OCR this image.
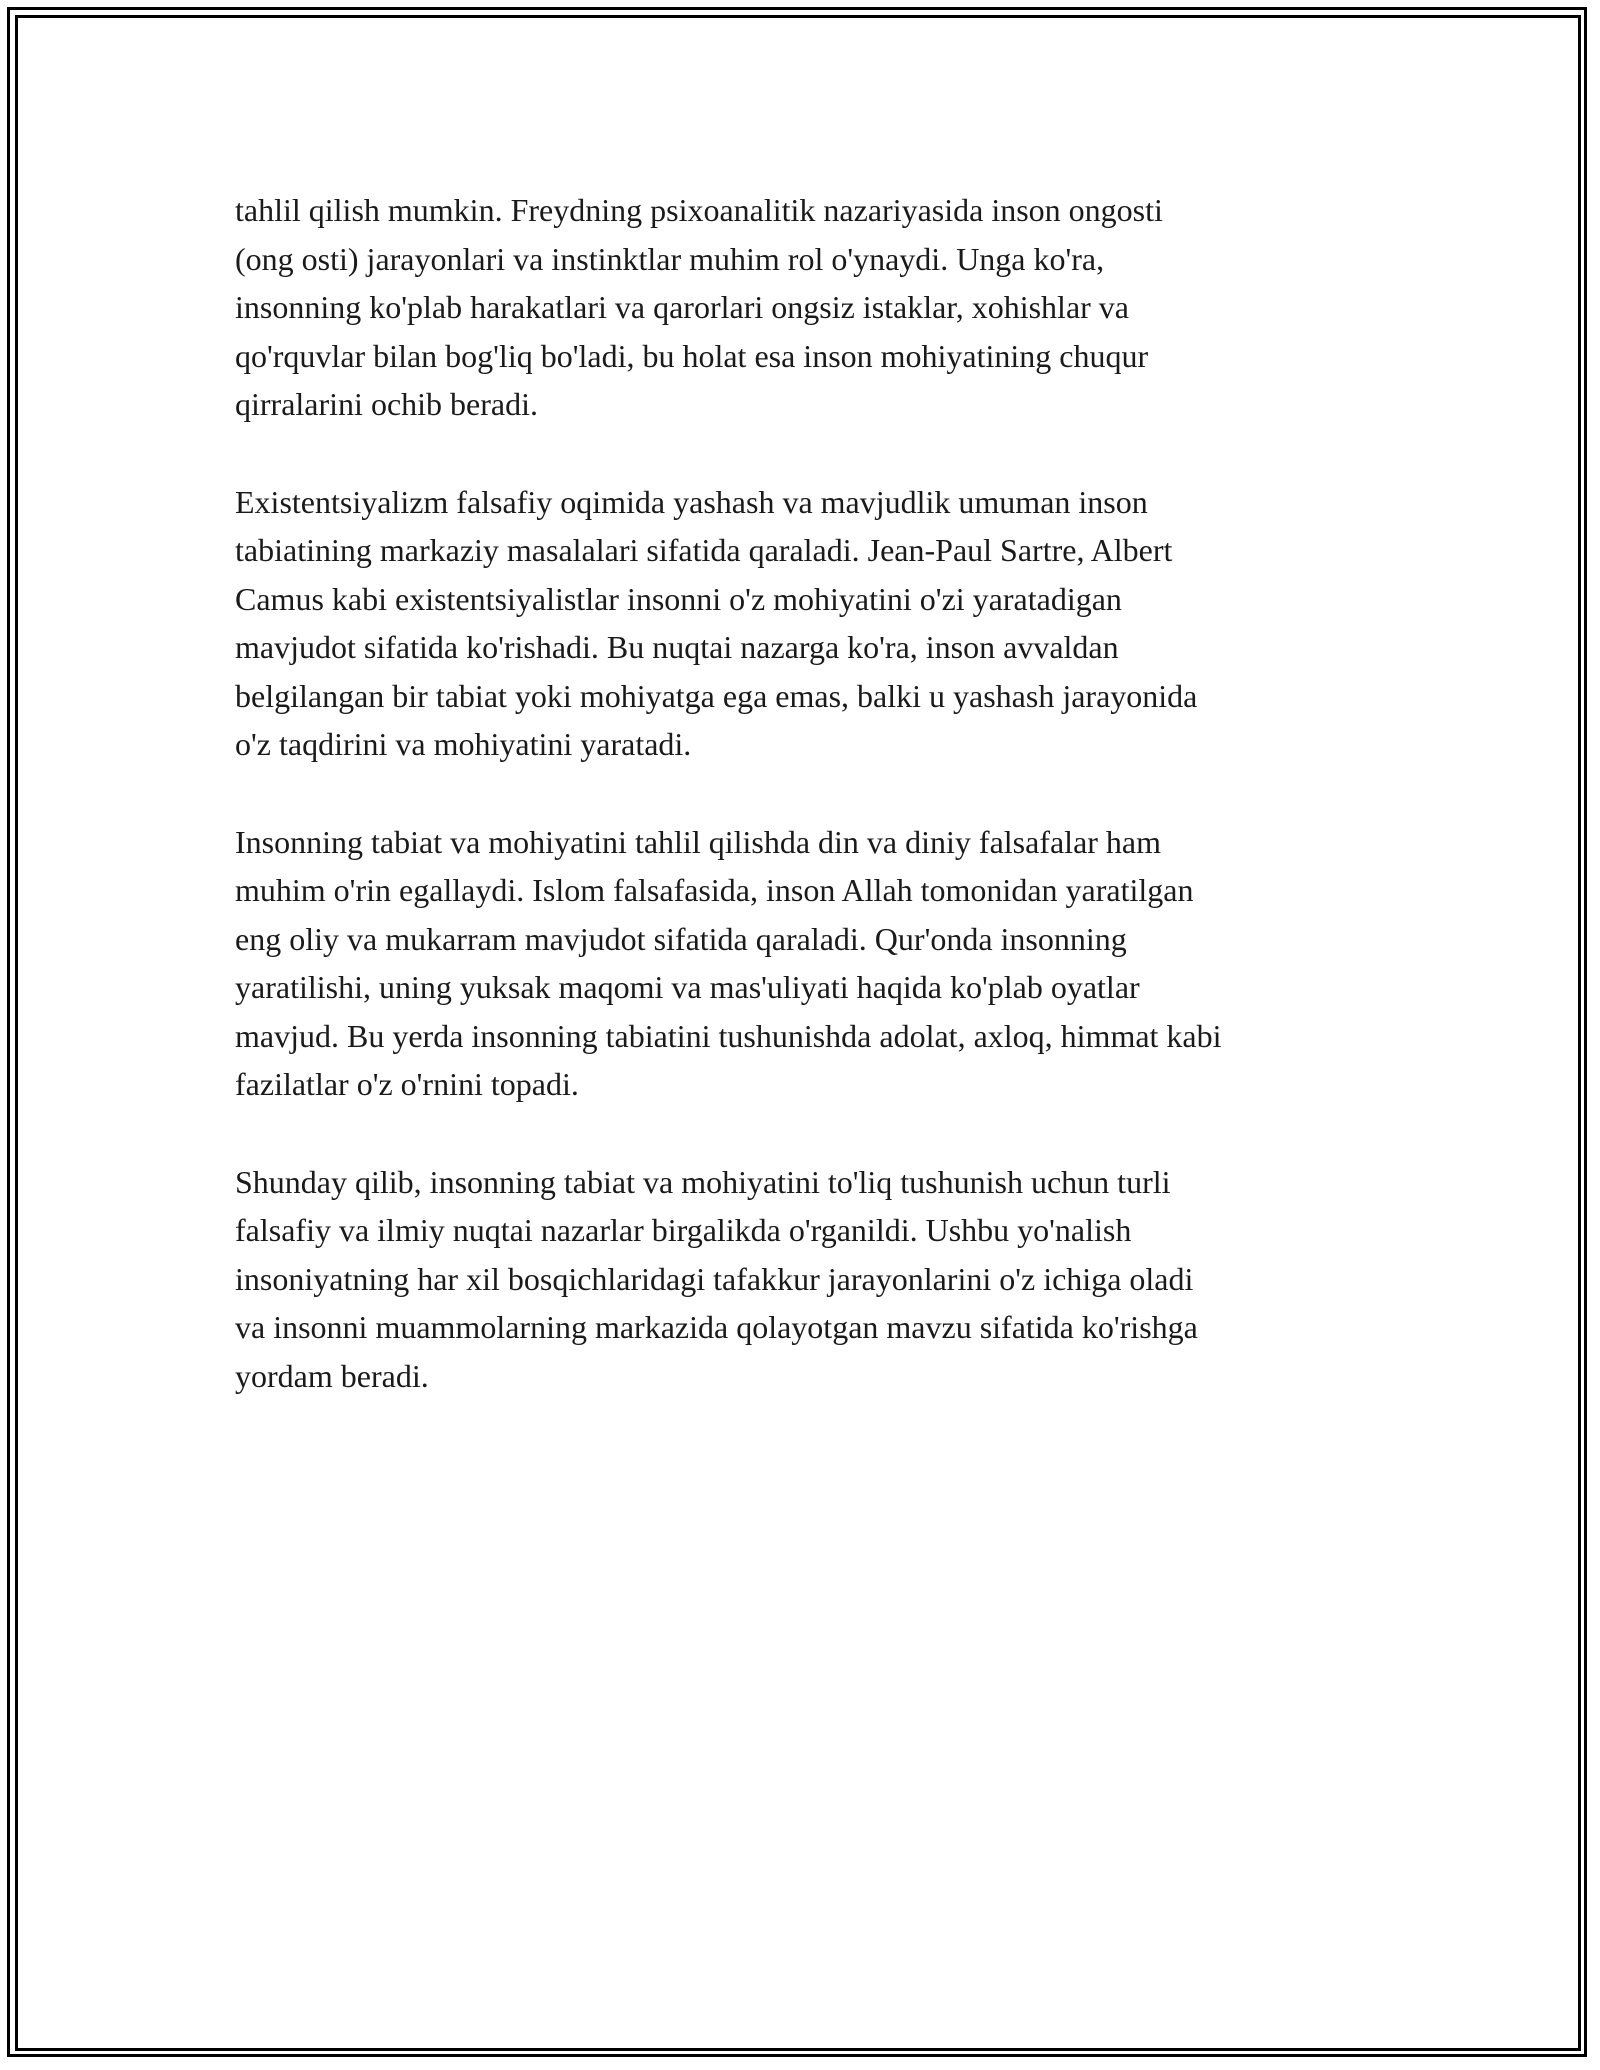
tahlil qilish mumkin. Freydning psixoanalitik nazariyasida inson ongosti
(ong osti) jarayonlari va instinktlar muhim rol o'ynaydi. Unga ko'ra,
insonning ko'plab harakatlari va qarorlari ongsiz istaklar, xohishlar va
qo'rquvlar bilan bog'liq bo'ladi, bu holat esa inson mohiyatining chuqur
qirralarini ochib beradi.

Existentsiyalizm falsafiy oqimida yashash va mavjudlik umuman inson
tabiatining markaziy masalalari sifatida qaraladi. Jean-Paul Sartre, Albert
Camus kabi existentsiyalistlar insonni o'z mohiyatini o'zi yaratadigan
mavjudot sifatida ko'rishadi. Bu nuqtai nazarga ko'ra, inson avvaldan
belgilangan bir tabiat yoki mohiyatga ega emas, balki u yashash jarayonida
o'z taqdirini va mohiyatini yaratadi.

Insonning tabiat va mohiyatini tahlil qilishda din va diniy falsafalar ham
muhim o'rin egallaydi. Islom falsafasida, inson Allah tomonidan yaratilgan
eng oliy va mukarram mavjudot sifatida qaraladi. Qur'onda insonning
yaratilishi, uning yuksak maqomi va mas'uliyati haqida ko'plab oyatlar
mavjud. Bu yerda insonning tabiatini tushunishda adolat, axloq, himmat kabi
fazilatlar o'z o'rnini topadi.

Shunday qilib, insonning tabiat va mohiyatini to'liq tushunish uchun turli
falsafiy va ilmiy nuqtai nazarlar birgalikda o'rganildi. Ushbu yo'nalish
insoniyatning har xil bosqichlaridagi tafakkur jarayonlarini o'z ichiga oladi
va insonni muammolarning markazida qolayotgan mavzu sifatida ko'rishga
yordam beradi.
